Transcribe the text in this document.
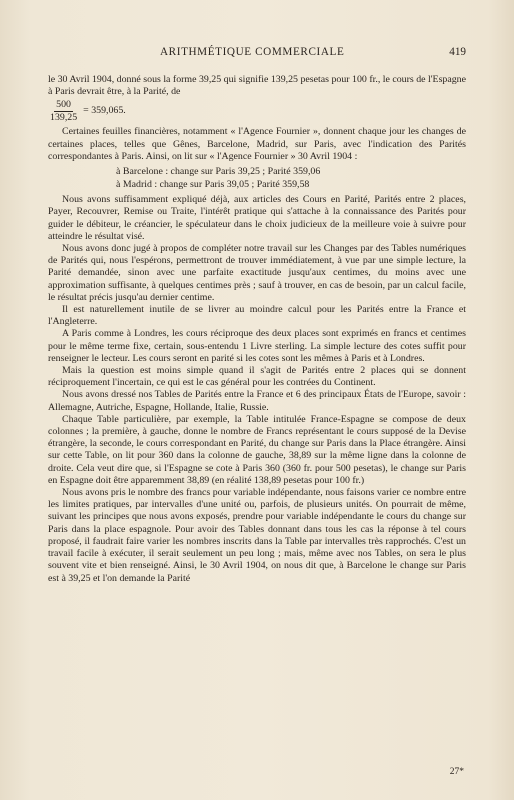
ARITHMÉTIQUE COMMERCIALE	419

le 30 Avril 1904, donné sous la forme 39,25 qui signifie 139,25 pesetas pour 100 fr., le cours de l'Espagne à Paris devrait être, à la Parité, de

$\frac{500}{139,25} = 359,065$.

Certaines feuilles financières, notamment « l'Agence Fournier », donnent chaque jour les changes de certaines places, telles que Gênes, Barcelone, Madrid, sur Paris, avec l'indication des Parités correspondantes à Paris. Ainsi, on lit sur « l'Agence Fournier » 30 Avril 1904 :

à Barcelone : change sur Paris 39,25 ; Parité 359,06
à Madrid : change sur Paris 39,05 ; Parité 359,58

Nous avons suffisamment expliqué déjà, aux articles des Cours en Parité, Parités entre 2 places, Payer, Recouvrer, Remise ou Traite, l'intérêt pratique qui s'attache à la connaissance des Parités pour guider le débiteur, le créancier, le spéculateur dans le choix judicieux de la meilleure voie à suivre pour atteindre le résultat visé.

Nous avons donc jugé à propos de compléter notre travail sur les Changes par des Tables numériques de Parités qui, nous l'espérons, permettront de trouver immédiatement, à vue par une simple lecture, la Parité demandée, sinon avec une parfaite exactitude jusqu'aux centimes, du moins avec une approximation suffisante, à quelques centimes près ; sauf à trouver, en cas de besoin, par un calcul facile, le résultat précis jusqu'au dernier centime.

Il est naturellement inutile de se livrer au moindre calcul pour les Parités entre la France et l'Angleterre.

A Paris comme à Londres, les cours réciproque des deux places sont exprimés en francs et centimes pour le même terme fixe, certain, sous-entendu 1 Livre sterling. La simple lecture des cotes suffit pour renseigner le lecteur. Les cours seront en parité si les cotes sont les mêmes à Paris et à Londres.

Mais la question est moins simple quand il s'agit de Parités entre 2 places qui se donnent réciproquement l'incertain, ce qui est le cas général pour les contrées du Continent.

Nous avons dressé nos Tables de Parités entre la France et 6 des principaux États de l'Europe, savoir : Allemagne, Autriche, Espagne, Hollande, Italie, Russie.

Chaque Table particulière, par exemple, la Table intitulée France-Espagne se compose de deux colonnes ; la première, à gauche, donne le nombre de Francs représentant le cours supposé de la Devise étrangère, la seconde, le cours correspondant en Parité, du change sur Paris dans la Place étrangère. Ainsi sur cette Table, on lit pour 360 dans la colonne de gauche, 38,89 sur la même ligne dans la colonne de droite. Cela veut dire que, si l'Espagne se cote à Paris 360 (360 fr. pour 500 pesetas), le change sur Paris en Espagne doit être apparemment 38,89 (en réalité 138,89 pesetas pour 100 fr.)

Nous avons pris le nombre des francs pour variable indépendante, nous faisons varier ce nombre entre les limites pratiques, par intervalles d'une unité ou, parfois, de plusieurs unités. On pourrait de même, suivant les principes que nous avons exposés, prendre pour variable indépendante le cours du change sur Paris dans la place espagnole. Pour avoir des Tables donnant dans tous les cas la réponse à tel cours proposé, il faudrait faire varier les nombres inscrits dans la Table par intervalles très rapprochés. C'est un travail facile à exécuter, il serait seulement un peu long ; mais, même avec nos Tables, on sera le plus souvent vite et bien renseigné. Ainsi, le 30 Avril 1904, on nous dit que, à Barcelone le change sur Paris est à 39,25 et l'on demande la Parité

27*
